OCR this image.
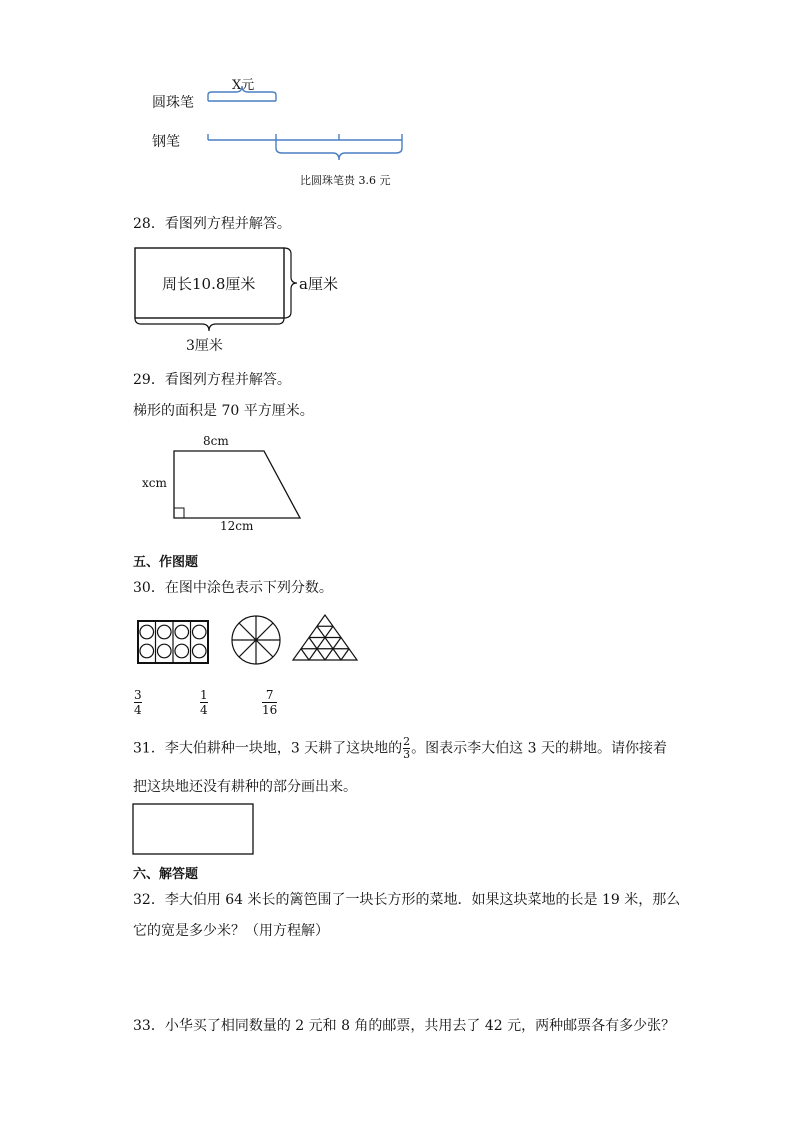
X元
圆珠笔
钢笔
比圆珠笔贵 3.6 元
28．看图列方程并解答。
周长10.8厘米	a厘米
3厘米
29．看图列方程并解答。
梯形的面积是 70 平方厘米。
8cm
xcm
12cm
五、作图题
30．在图中涂色表示下列分数。
3
4
1
4
7
16
31．李大伯耕种一块地，3 天耕了这块地的 $\frac{2}{3}$ 。图表示李大伯这 3 天的耕地。请你接着
把这块地还没有耕种的部分画出来。
六、解答题
32．李大伯用 64 米长的篱笆围了一块长方形的菜地．如果这块菜地的长是 19 米，那么
它的宽是多少米？（用方程解）
33．小华买了相同数量的 2 元和 8 角的邮票，共用去了 42 元，两种邮票各有多少张？
